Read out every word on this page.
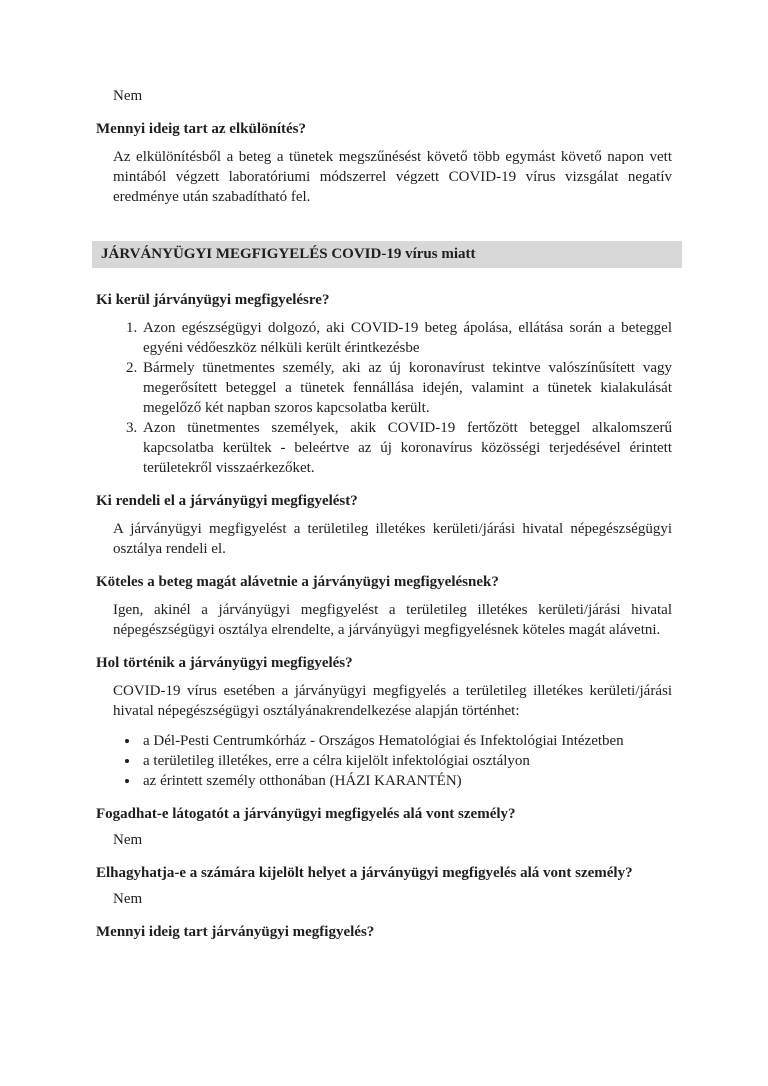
Nem

Mennyi ideig tart az elkülönítés?

Az elkülönítésből a beteg a tünetek megszűnésést követő több egymást követő napon vett mintából végzett laboratóriumi módszerrel végzett COVID-19 vírus vizsgálat negatív eredménye után szabadítható fel.

JÁRVÁNYÜGYI MEGFIGYELÉS COVID-19 vírus miatt

Ki kerül járványügyi megfigyelésre?

1. Azon egészségügyi dolgozó, aki COVID-19 beteg ápolása, ellátása során a beteggel egyéni védőeszköz nélküli került érintkezésbe
2. Bármely tünetmentes személy, aki az új koronavírust tekintve valószínűsített vagy megerősített beteggel a tünetek fennállása idején, valamint a tünetek kialakulását megelőző két napban szoros kapcsolatba került.
3. Azon tünetmentes személyek, akik COVID-19 fertőzött beteggel alkalomszerű kapcsolatba kerültek - beleértve az új koronavírus közösségi terjedésével érintett területekről visszaérkezőket.

Ki rendeli el a járványügyi megfigyelést?

A járványügyi megfigyelést a területileg illetékes kerületi/járási hivatal népegészségügyi osztálya rendeli el.

Köteles a beteg magát alávetnie a járványügyi megfigyelésnek?

Igen, akinél a járványügyi megfigyelést a területileg illetékes kerületi/járási hivatal népegészségügyi osztálya elrendelte, a járványügyi megfigyelésnek köteles magát alávetni.

Hol történik a járványügyi megfigyelés?

COVID-19 vírus esetében a járványügyi megfigyelés a területileg illetékes kerületi/járási hivatal népegészségügyi osztályánakrendelkezése alapján történhet:

• a Dél-Pesti Centrumkórház - Országos Hematológiai és Infektológiai Intézetben
• a területileg illetékes, erre a célra kijelölt infektológiai osztályon
• az érintett személy otthonában (HÁZI KARANTÉN)

Fogadhat-e látogatót a járványügyi megfigyelés alá vont személy?

Nem

Elhagyhatja-e a számára kijelölt helyet a járványügyi megfigyelés alá vont személy?

Nem

Mennyi ideig tart járványügyi megfigyelés?
